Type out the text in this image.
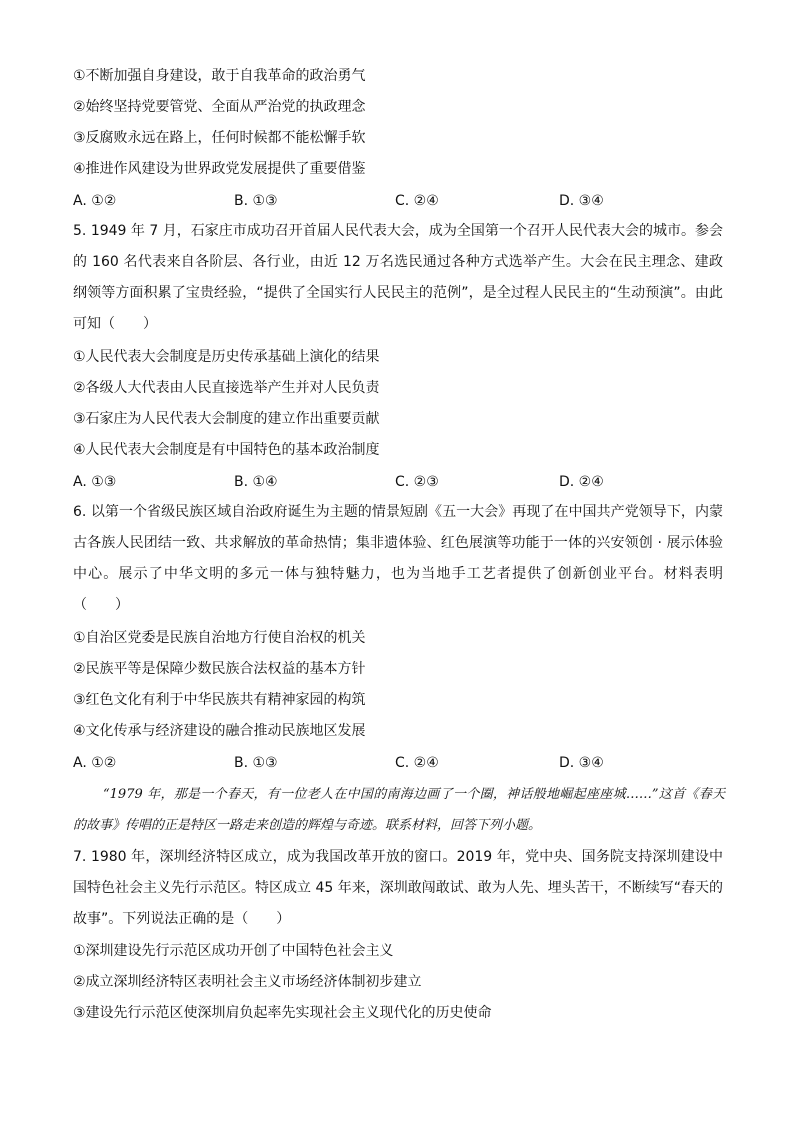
①不断加强自身建设，敢于自我革命的政治勇气
②始终坚持党要管党、全面从严治党的执政理念
③反腐败永远在路上，任何时候都不能松懈手软
④推进作风建设为世界政党发展提供了重要借鉴
A. ①②	B. ①③	C. ②④	D. ③④
5. 1949 年 7 月，石家庄市成功召开首届人民代表大会，成为全国第一个召开人民代表大会的城市。参会的 160 名代表来自各阶层、各行业，由近 12 万名选民通过各种方式选举产生。大会在民主理念、建政纲领等方面积累了宝贵经验，“提供了全国实行人民民主的范例”，是全过程人民民主的“生动预演”。由此可知（　　）
①人民代表大会制度是历史传承基础上演化的结果
②各级人大代表由人民直接选举产生并对人民负责
③石家庄为人民代表大会制度的建立作出重要贡献
④人民代表大会制度是有中国特色的基本政治制度
A. ①③	B. ①④	C. ②③	D. ②④
6. 以第一个省级民族区域自治政府诞生为主题的情景短剧《五一大会》再现了在中国共产党领导下，内蒙古各族人民团结一致、共求解放的革命热情；集非遗体验、红色展演等功能于一体的兴安领创 · 展示体验中心。展示了中华文明的多元一体与独特魅力，也为当地手工艺者提供了创新创业平台。材料表明（　　）
①自治区党委是民族自治地方行使自治权的机关
②民族平等是保障少数民族合法权益的基本方针
③红色文化有利于中华民族共有精神家园的构筑
④文化传承与经济建设的融合推动民族地区发展
A. ①②	B. ①③	C. ②④	D. ③④
“1979 年，那是一个春天，有一位老人在中国的南海边画了一个圈，神话般地崛起座座城……”这首《春天的故事》传唱的正是特区一路走来创造的辉煌与奇迹。联系材料，回答下列小题。
7. 1980 年，深圳经济特区成立，成为我国改革开放的窗口。2019 年，党中央、国务院支持深圳建设中国特色社会主义先行示范区。特区成立 45 年来，深圳敢闯敢试、敢为人先、埋头苦干，不断续写“春天的故事”。下列说法正确的是（　　）
①深圳建设先行示范区成功开创了中国特色社会主义
②成立深圳经济特区表明社会主义市场经济体制初步建立
③建设先行示范区使深圳肩负起率先实现社会主义现代化的历史使命
